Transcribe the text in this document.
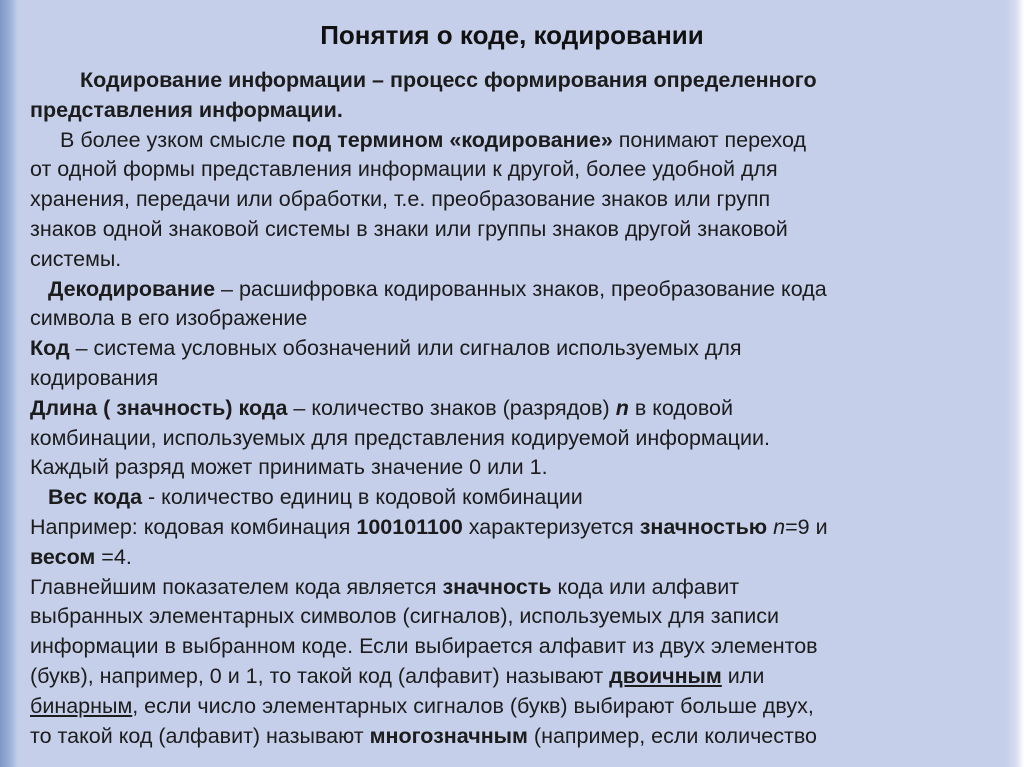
Понятия о коде, кодировании
Кодирование информации – процесс формирования определенного
представления информации.
В более узком смысле под термином «кодирование» понимают переход
от одной формы представления информации к другой, более удобной для
хранения, передачи или обработки, т.е. преобразование знаков или групп
знаков одной знаковой системы в знаки или группы знаков другой знаковой
системы.
Декодирование – расшифровка кодированных знаков, преобразование кода
символа в его изображение
Код – система условных обозначений или сигналов используемых для
кодирования
Длина ( значность) кода – количество знаков (разрядов) n в кодовой
комбинации, используемых для представления кодируемой информации.
Каждый разряд может принимать значение 0 или 1.
Вес кода - количество единиц в кодовой комбинации
Например: кодовая комбинация 100101100 характеризуется значностью n=9 и
весом =4.
Главнейшим показателем кода является значность кода или алфавит
выбранных элементарных символов (сигналов), используемых для записи
информации в выбранном коде. Если выбирается алфавит из двух элементов
(букв), например, 0 и 1, то такой код (алфавит) называют двоичным или
бинарным, если число элементарных сигналов (букв) выбирают больше двух,
то такой код (алфавит) называют многозначным (например, если количество
